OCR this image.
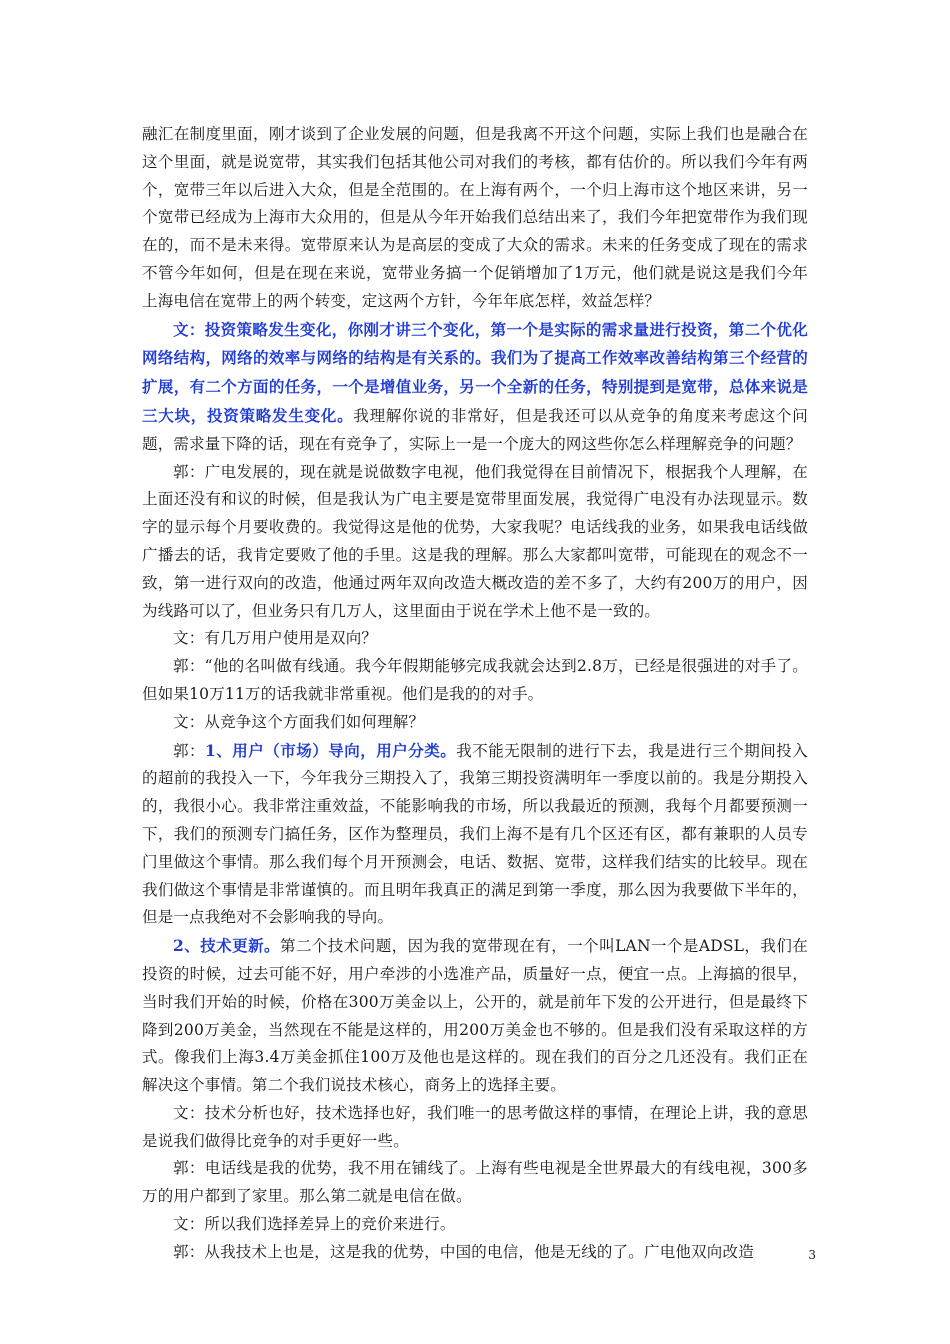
融汇在制度里面，刚才谈到了企业发展的问题，但是我离不开这个问题，实际上我们也是融合在这个里面，就是说宽带，其实我们包括其他公司对我们的考核，都有估价的。所以我们今年有两个，宽带三年以后进入大众，但是全范围的。在上海有两个，一个归上海市这个地区来讲，另一个宽带已经成为上海市大众用的，但是从今年开始我们总结出来了，我们今年把宽带作为我们现在的，而不是未来得。宽带原来认为是高层的变成了大众的需求。未来的任务变成了现在的需求不管今年如何，但是在现在来说，宽带业务搞一个促销增加了1万元，他们就是说这是我们今年上海电信在宽带上的两个转变，定这两个方针，今年年底怎样，效益怎样？

文：投资策略发生变化，你刚才讲三个变化，第一个是实际的需求量进行投资，第二个优化网络结构，网络的效率与网络的结构是有关系的。我们为了提高工作效率改善结构第三个经营的扩展，有二个方面的任务，一个是增值业务，另一个全新的任务，特别提到是宽带，总体来说是三大块，投资策略发生变化。我理解你说的非常好，但是我还可以从竞争的角度来考虑这个问题，需求量下降的话，现在有竞争了，实际上一是一个庞大的网这些你怎么样理解竞争的问题？

郭：广电发展的，现在就是说做数字电视，他们我觉得在目前情况下，根据我个人理解，在上面还没有和议的时候，但是我认为广电主要是宽带里面发展，我觉得广电没有办法现显示。数字的显示每个月要收费的。我觉得这是他的优势，大家我呢？电话线我的业务，如果我电话线做广播去的话，我肯定要败了他的手里。这是我的理解。那么大家都叫宽带，可能现在的观念不一致，第一进行双向的改造，他通过两年双向改造大概改造的差不多了，大约有200万的用户，因为线路可以了，但业务只有几万人，这里面由于说在学术上他不是一致的。

文：有几万用户使用是双向？

郭：“他的名叫做有线通。我今年假期能够完成我就会达到2.8万，已经是很强进的对手了。但如果10万11万的话我就非常重视。他们是我的的对手。

文：从竞争这个方面我们如何理解？

郭：1、用户（市场）导向，用户分类。我不能无限制的进行下去，我是进行三个期间投入的超前的我投入一下，今年我分三期投入了，我第三期投资满明年一季度以前的。我是分期投入的，我很小心。我非常注重效益，不能影响我的市场，所以我最近的预测，我每个月都要预测一下，我们的预测专门搞任务，区作为整理员，我们上海不是有几个区还有区，都有兼职的人员专门里做这个事情。那么我们每个月开预测会，电话、数据、宽带，这样我们结实的比较早。现在我们做这个事情是非常谨慎的。而且明年我真正的满足到第一季度，那么因为我要做下半年的，但是一点我绝对不会影响我的导向。

2、技术更新。第二个技术问题，因为我的宽带现在有，一个叫LAN一个是ADSL，我们在投资的时候，过去可能不好，用户牵涉的小选准产品，质量好一点，便宜一点。上海搞的很早，当时我们开始的时候，价格在300万美金以上，公开的，就是前年下发的公开进行，但是最终下降到200万美金，当然现在不能是这样的，用200万美金也不够的。但是我们没有采取这样的方式。像我们上海3.4万美金抓住100万及他也是这样的。现在我们的百分之几还没有。我们正在解决这个事情。第二个我们说技术核心，商务上的选择主要。

文：技术分析也好，技术选择也好，我们唯一的思考做这样的事情，在理论上讲，我的意思是说我们做得比竞争的对手更好一些。

郭：电话线是我的优势，我不用在铺线了。上海有些电视是全世界最大的有线电视，300多万的用户都到了家里。那么第二就是电信在做。

文：所以我们选择差异上的竞价来进行。

郭：从我技术上也是，这是我的优势，中国的电信，他是无线的了。广电他双向改造	3
